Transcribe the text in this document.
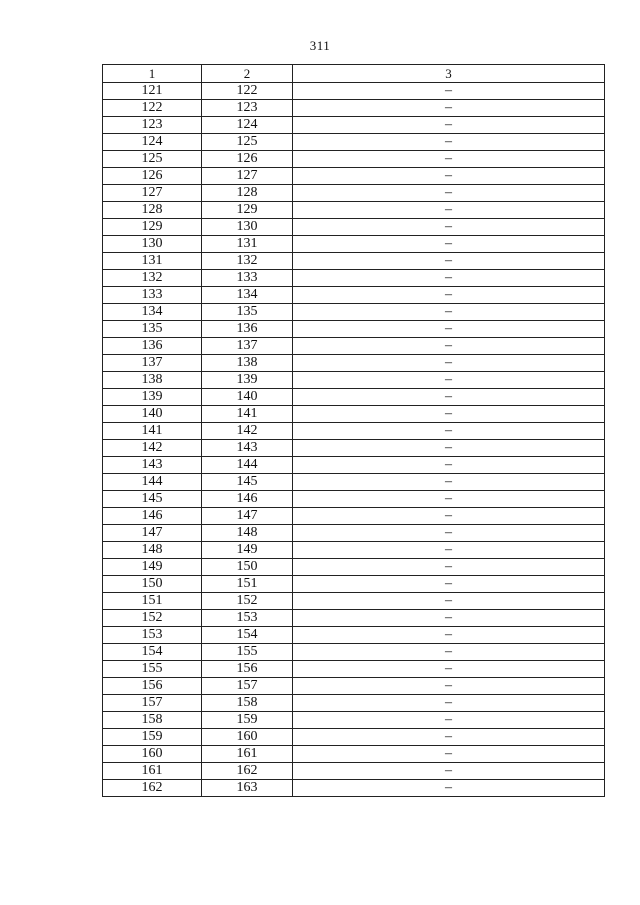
311
1	2	3
121	122	–
122	123	–
123	124	–
124	125	–
125	126	–
126	127	–
127	128	–
128	129	–
129	130	–
130	131	–
131	132	–
132	133	–
133	134	–
134	135	–
135	136	–
136	137	–
137	138	–
138	139	–
139	140	–
140	141	–
141	142	–
142	143	–
143	144	–
144	145	–
145	146	–
146	147	–
147	148	–
148	149	–
149	150	–
150	151	–
151	152	–
152	153	–
153	154	–
154	155	–
155	156	–
156	157	–
157	158	–
158	159	–
159	160	–
160	161	–
161	162	–
162	163	–
